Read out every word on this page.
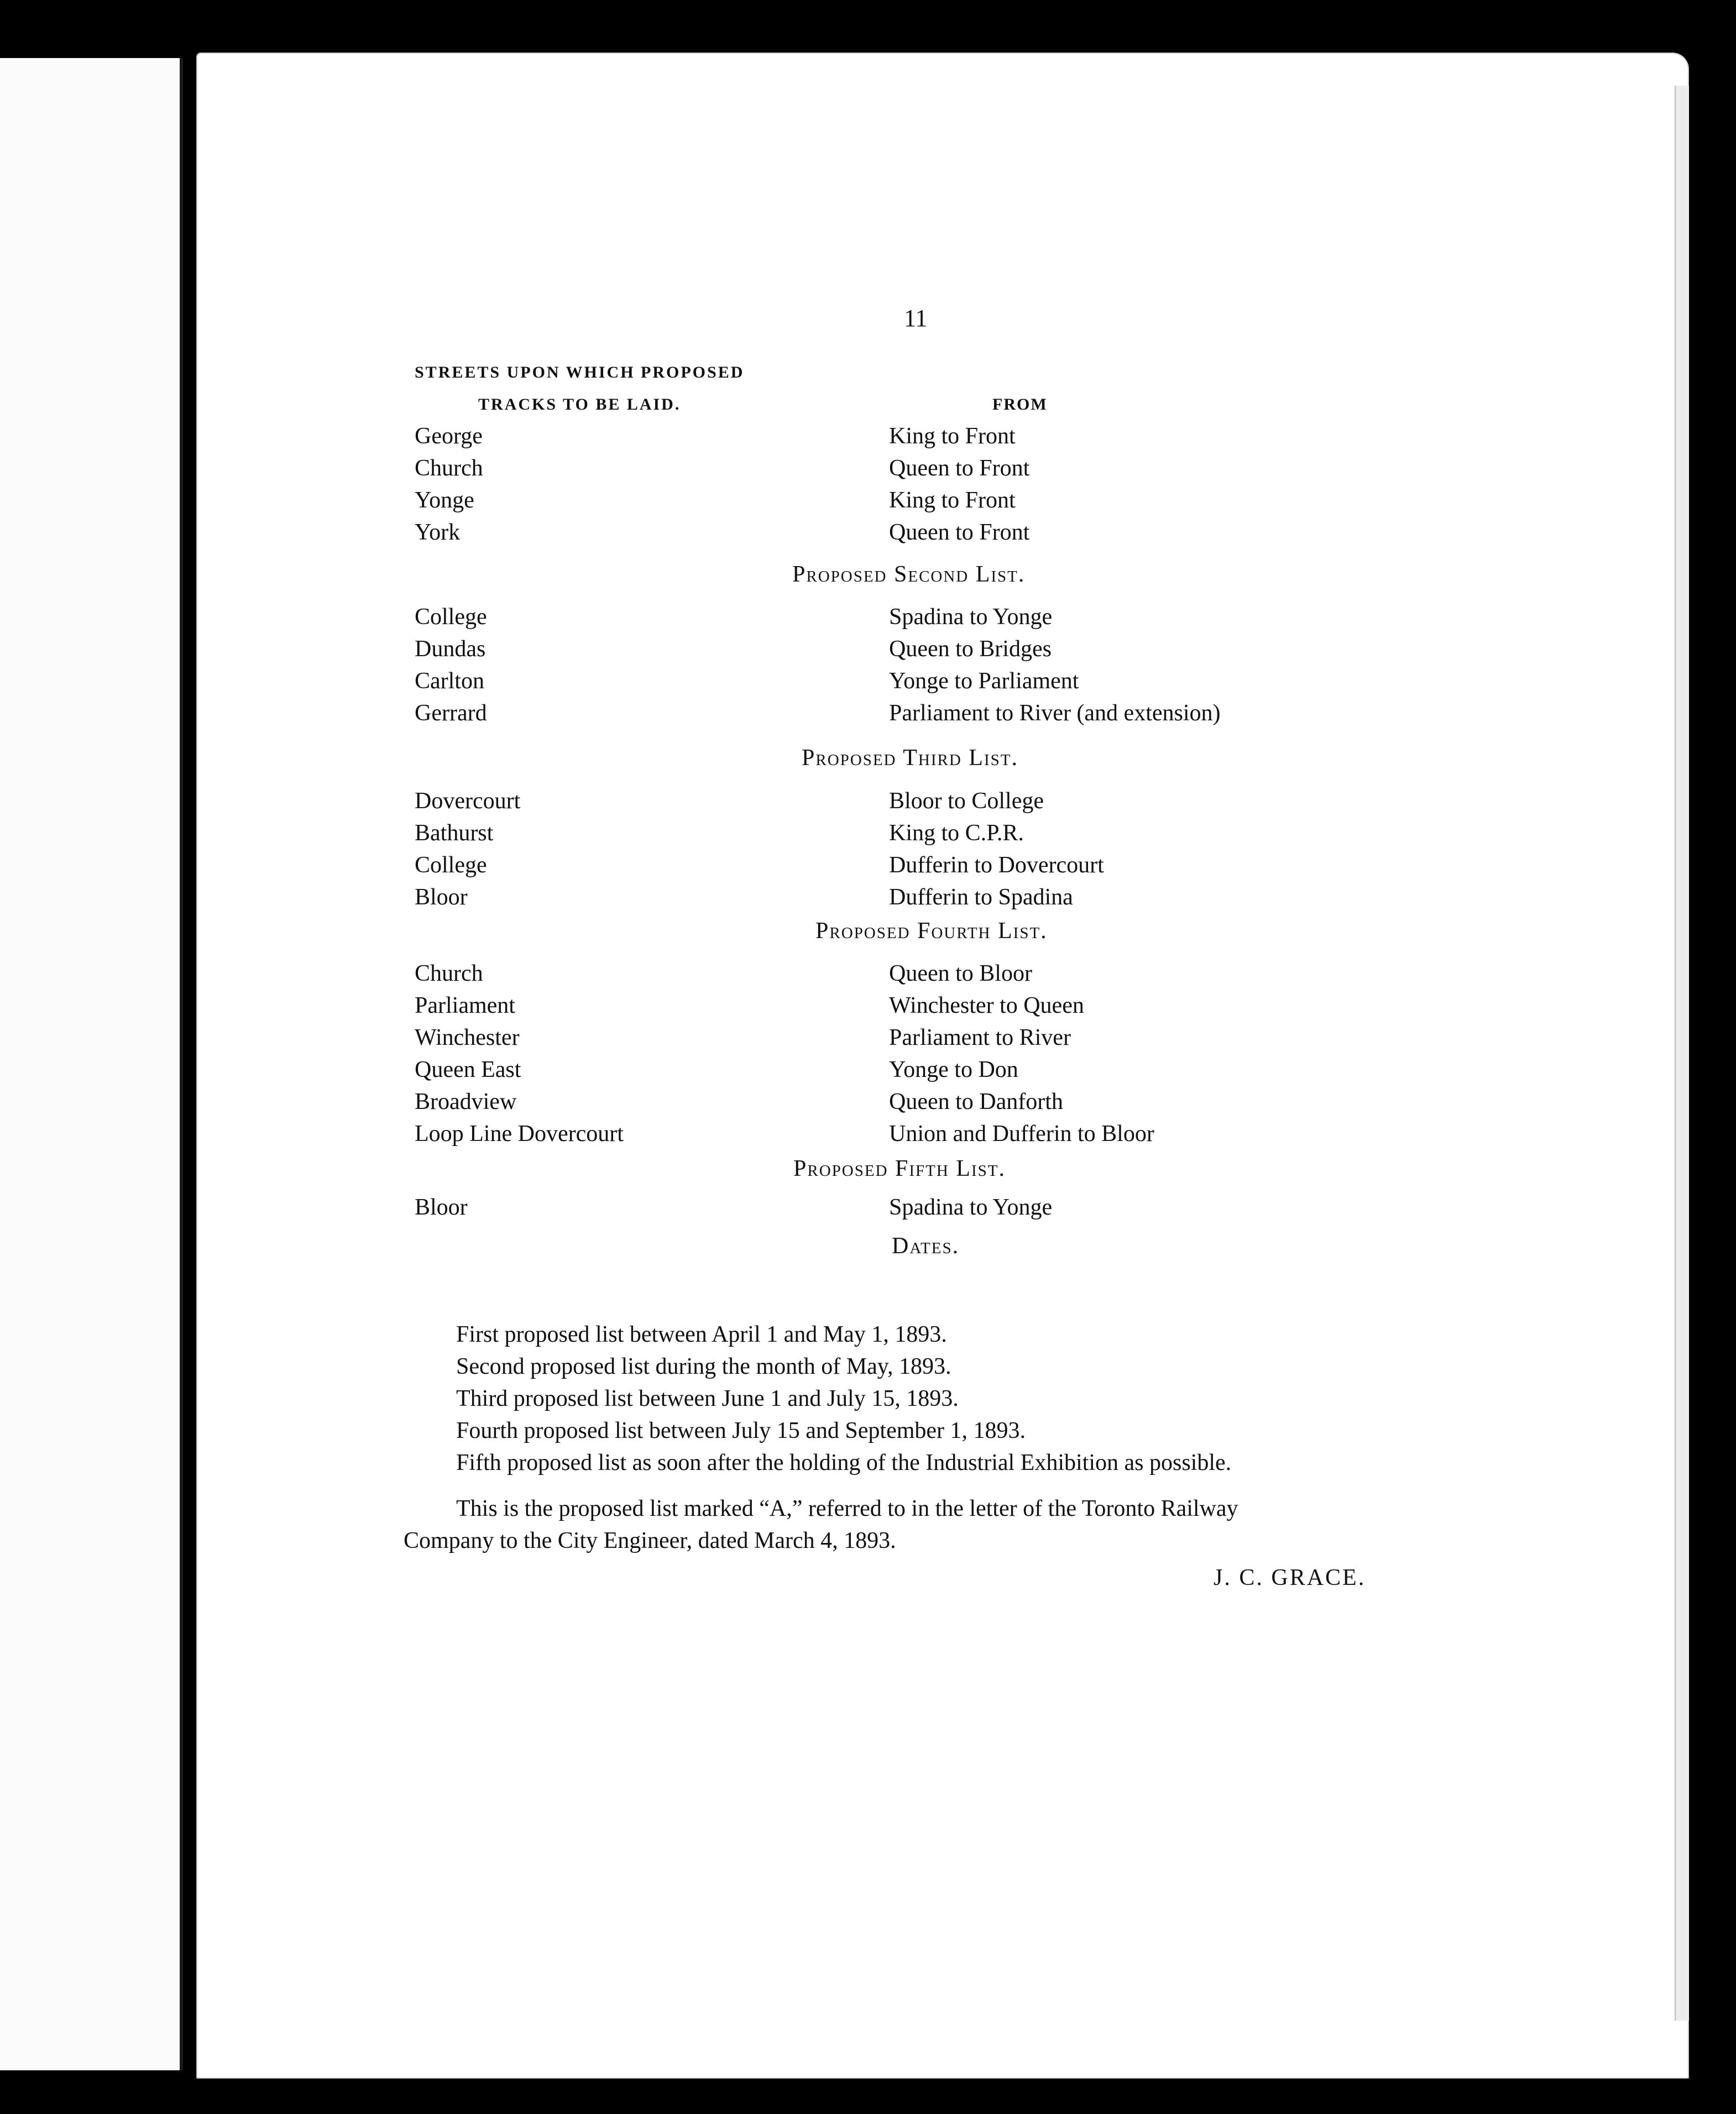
11
STREETS UPON WHICH PROPOSED
TRACKS TO BE LAID.	FROM
George	King to Front
Church	Queen to Front
Yonge	King to Front
York	Queen to Front
Proposed Second List.
College	Spadina to Yonge
Dundas	Queen to Bridges
Carlton	Yonge to Parliament
Gerrard	Parliament to River (and extension)
Proposed Third List.
Dovercourt	Bloor to College
Bathurst	King to C.P.R.
College	Dufferin to Dovercourt
Bloor	Dufferin to Spadina
Proposed Fourth List.
Church	Queen to Bloor
Parliament	Winchester to Queen
Winchester	Parliament to River
Queen East	Yonge to Don
Broadview	Queen to Danforth
Loop Line Dovercourt	Union and Dufferin to Bloor
Proposed Fifth List.
Bloor	Spadina to Yonge
Dates.
First proposed list between April 1 and May 1, 1893.
Second proposed list during the month of May, 1893.
Third proposed list between June 1 and July 15, 1893.
Fourth proposed list between July 15 and September 1, 1893.
Fifth proposed list as soon after the holding of the Industrial Exhibition as possible.
This is the proposed list marked “A,” referred to in the letter of the Toronto Railway
Company to the City Engineer, dated March 4, 1893.
J. C. GRACE.
